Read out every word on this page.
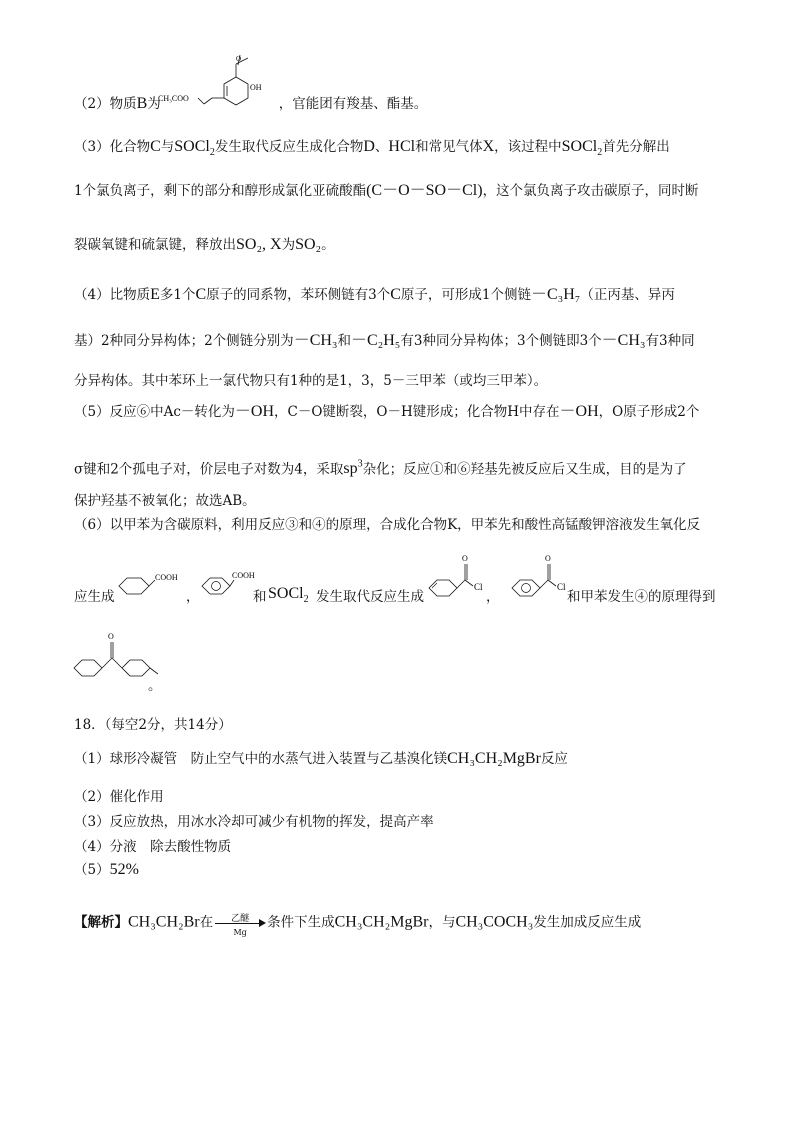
（2）物质B为	，官能团有羧基、酯基。
CH₃COO
O
OH
（3）化合物C与SOCl$_2$发生取代反应生成化合物D、HCl和常见气体X，该过程中SOCl$_2$首先分解出
1个氯负离子，剩下的部分和醇形成氯化亚硫酸酯(C－O－SO－Cl)，这个氯负离子攻击碳原子，同时断
裂碳氧键和硫氯键，释放出SO₂, X为SO₂。
（4）比物质E多1个C原子的同系物，苯环侧链有3个C原子，可形成1个侧链－C₃H₇（正丙基、异丙
基）2种同分异构体；2个侧链分别为－CH₃和－C₂H₅有3种同分异构体；3个侧链即3个－CH₃有3种同
分异构体。其中苯环上一氯代物只有1种的是1，3，5－三甲苯（或均三甲苯）。
（5）反应⑥中Ac－转化为－OH，C－O键断裂，O－H键形成；化合物H中存在－OH，O原子形成2个
σ键和2个孤电子对，价层电子对数为4，采取$sp^3$杂化；反应①和⑥羟基先被反应后又生成，目的是为了
保护羟基不被氧化；故选AB。
（6）以甲苯为含碳原料，利用反应③和④的原理，合成化合物K，甲苯先和酸性高锰酸钾溶液发生氧化反
应生成	，	和 SOCl$_2$ 发生取代反应生成	，	和甲苯发生④的原理得到
COOH	COOH
O
Cl
O
Cl
O
。
18．（每空2分，共14分）
（1）球形冷凝管　防止空气中的水蒸气进入装置与乙基溴化镁CH₃CH₂MgBr反应
（2）催化作用
（3）反应放热，用冰水冷却可减少有机物的挥发，提高产率
（4）分液　除去酸性物质
（5）52%
【解析】CH₃CH₂Br在	乙醚
Mg
条件下生成CH₃CH₂MgBr，与CH₃COCH₃发生加成反应生成
